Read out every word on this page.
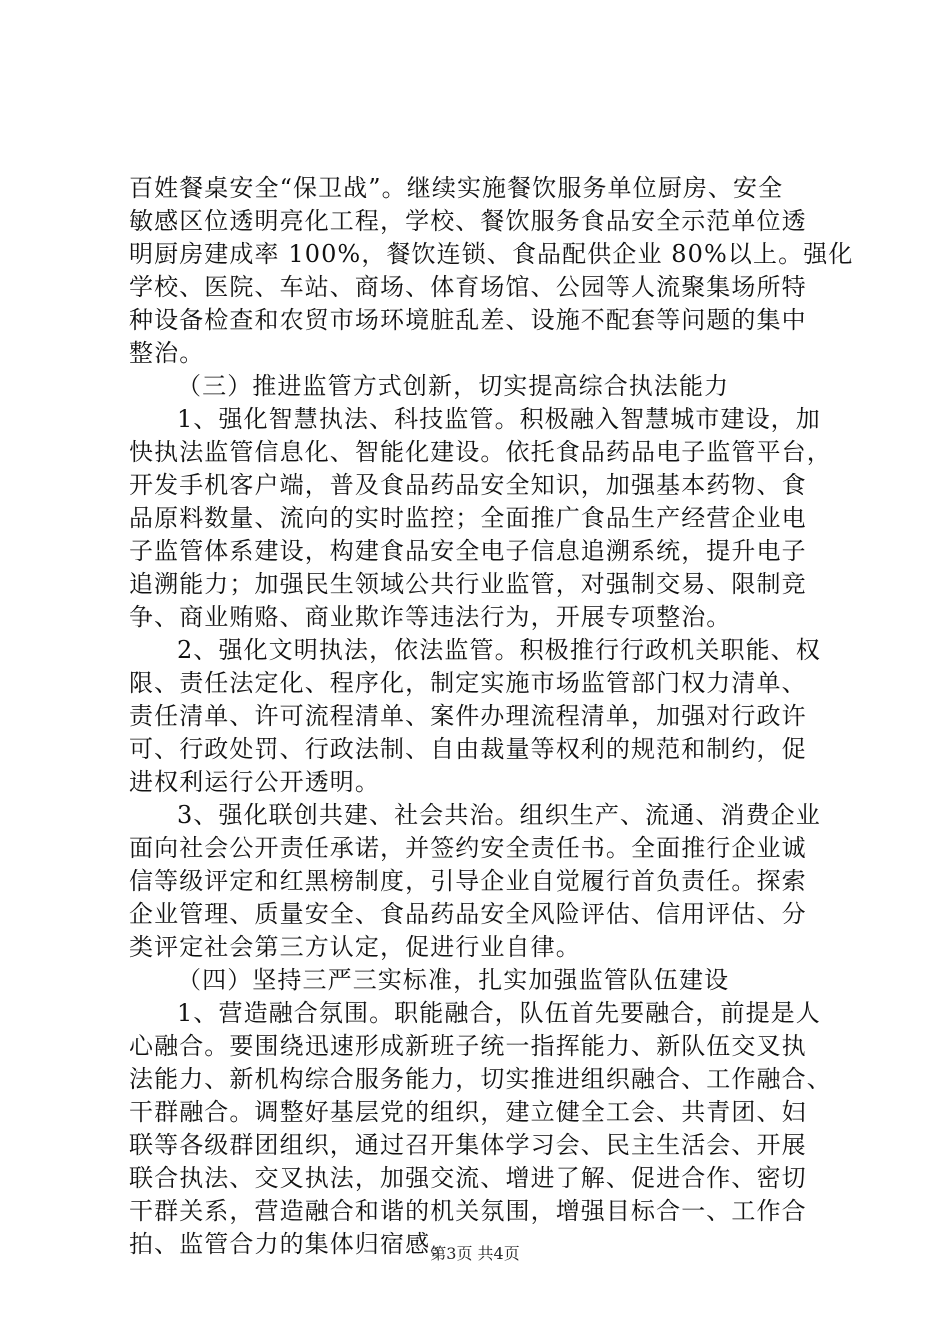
百姓餐桌安全“保卫战”。继续实施餐饮服务单位厨房、安全
敏感区位透明亮化工程，学校、餐饮服务食品安全示范单位透
明厨房建成率 100%，餐饮连锁、食品配供企业 80%以上。强化
学校、医院、车站、商场、体育场馆、公园等人流聚集场所特
种设备检查和农贸市场环境脏乱差、设施不配套等问题的集中
整治。
（三）推进监管方式创新，切实提高综合执法能力
1、强化智慧执法、科技监管。积极融入智慧城市建设，加
快执法监管信息化、智能化建设。依托食品药品电子监管平台，
开发手机客户端，普及食品药品安全知识，加强基本药物、食
品原料数量、流向的实时监控；全面推广食品生产经营企业电
子监管体系建设，构建食品安全电子信息追溯系统，提升电子
追溯能力；加强民生领域公共行业监管，对强制交易、限制竞
争、商业贿赂、商业欺诈等违法行为，开展专项整治。
2、强化文明执法，依法监管。积极推行行政机关职能、权
限、责任法定化、程序化，制定实施市场监管部门权力清单、
责任清单、许可流程清单、案件办理流程清单，加强对行政许
可、行政处罚、行政法制、自由裁量等权利的规范和制约，促
进权利运行公开透明。
3、强化联创共建、社会共治。组织生产、流通、消费企业
面向社会公开责任承诺，并签约安全责任书。全面推行企业诚
信等级评定和红黑榜制度，引导企业自觉履行首负责任。探索
企业管理、质量安全、食品药品安全风险评估、信用评估、分
类评定社会第三方认定，促进行业自律。
（四）坚持三严三实标准，扎实加强监管队伍建设
1、营造融合氛围。职能融合，队伍首先要融合，前提是人
心融合。要围绕迅速形成新班子统一指挥能力、新队伍交叉执
法能力、新机构综合服务能力，切实推进组织融合、工作融合、
干群融合。调整好基层党的组织，建立健全工会、共青团、妇
联等各级群团组织，通过召开集体学习会、民主生活会、开展
联合执法、交叉执法，加强交流、增进了解、促进合作、密切
干群关系，营造融合和谐的机关氛围，增强目标合一、工作合
拍、监管合力的集体归宿感。
第3页 共4页
